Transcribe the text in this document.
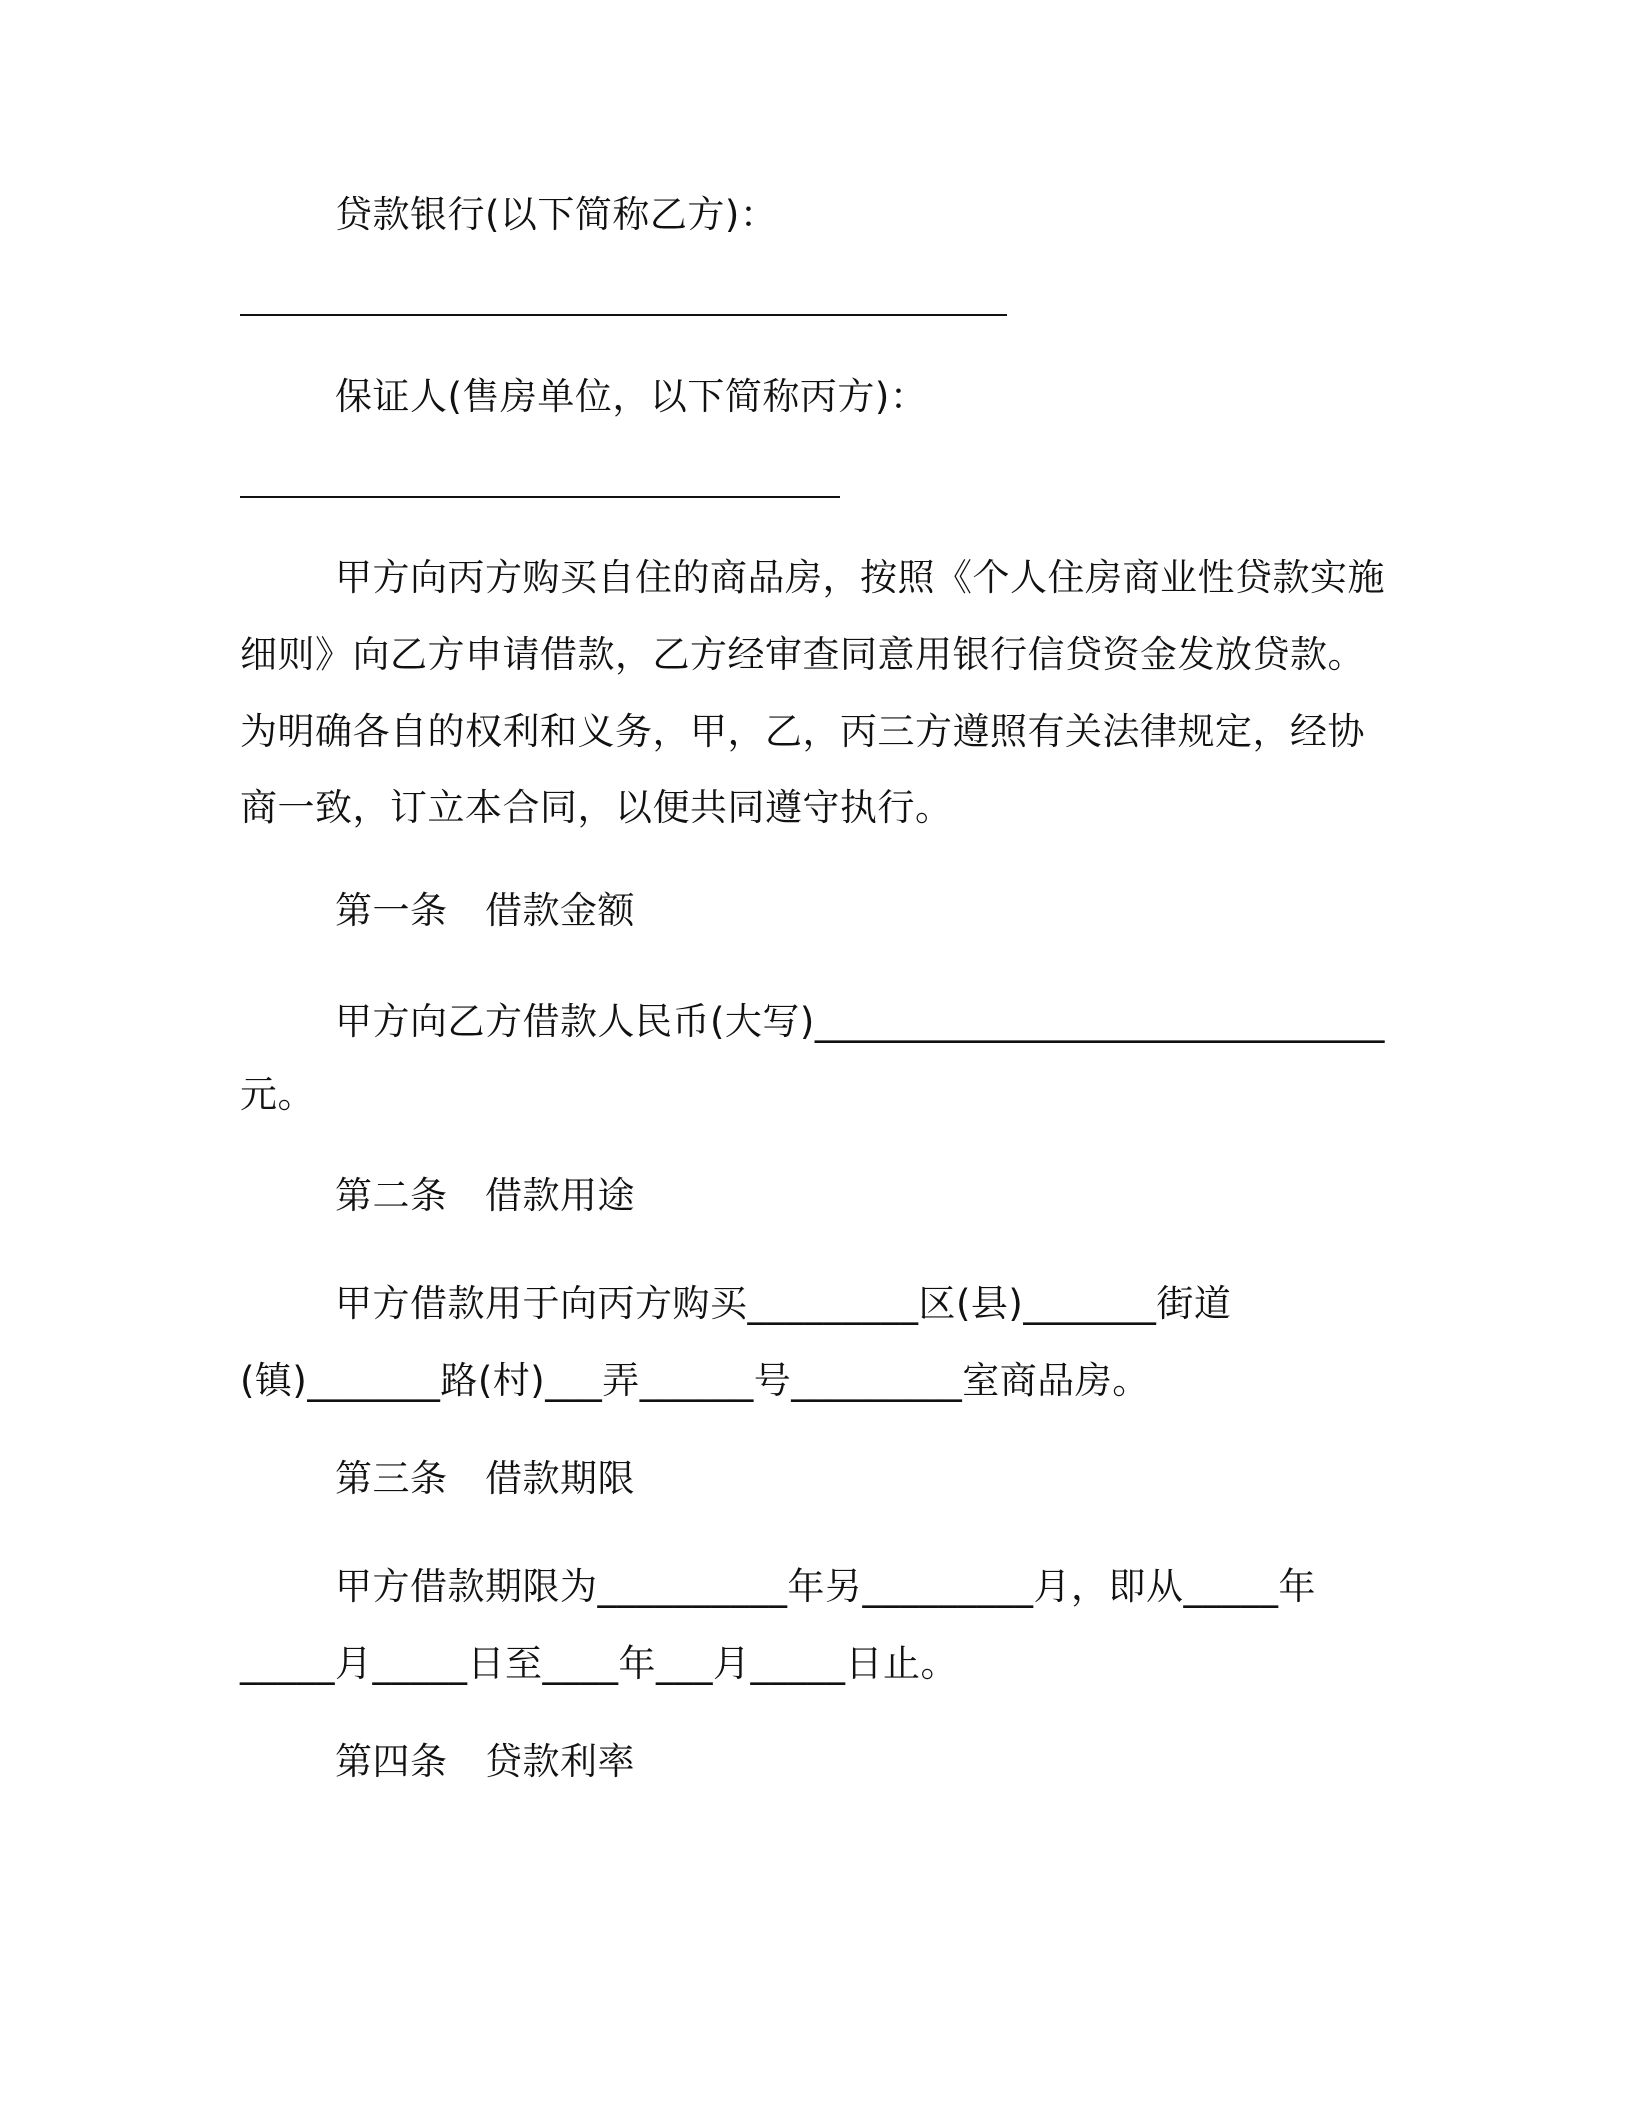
贷款银行(以下简称乙方)：
保证人(售房单位，以下简称丙方)：
甲方向丙方购买自住的商品房，按照《个人住房商业性贷款实施
细则》向乙方申请借款，乙方经审查同意用银行信贷资金发放贷款。
为明确各自的权利和义务，甲，乙，丙三方遵照有关法律规定，经协
商一致，订立本合同，以便共同遵守执行。
第一条　借款金额
甲方向乙方借款人民币(大写)______________________________
元。
第二条　借款用途
甲方借款用于向丙方购买_________区(县)_______街道
(镇)_______路(村)___弄______号_________室商品房。
第三条　借款期限
甲方借款期限为__________年另_________月，即从_____年
_____月_____日至____年___月_____日止。
第四条　贷款利率
